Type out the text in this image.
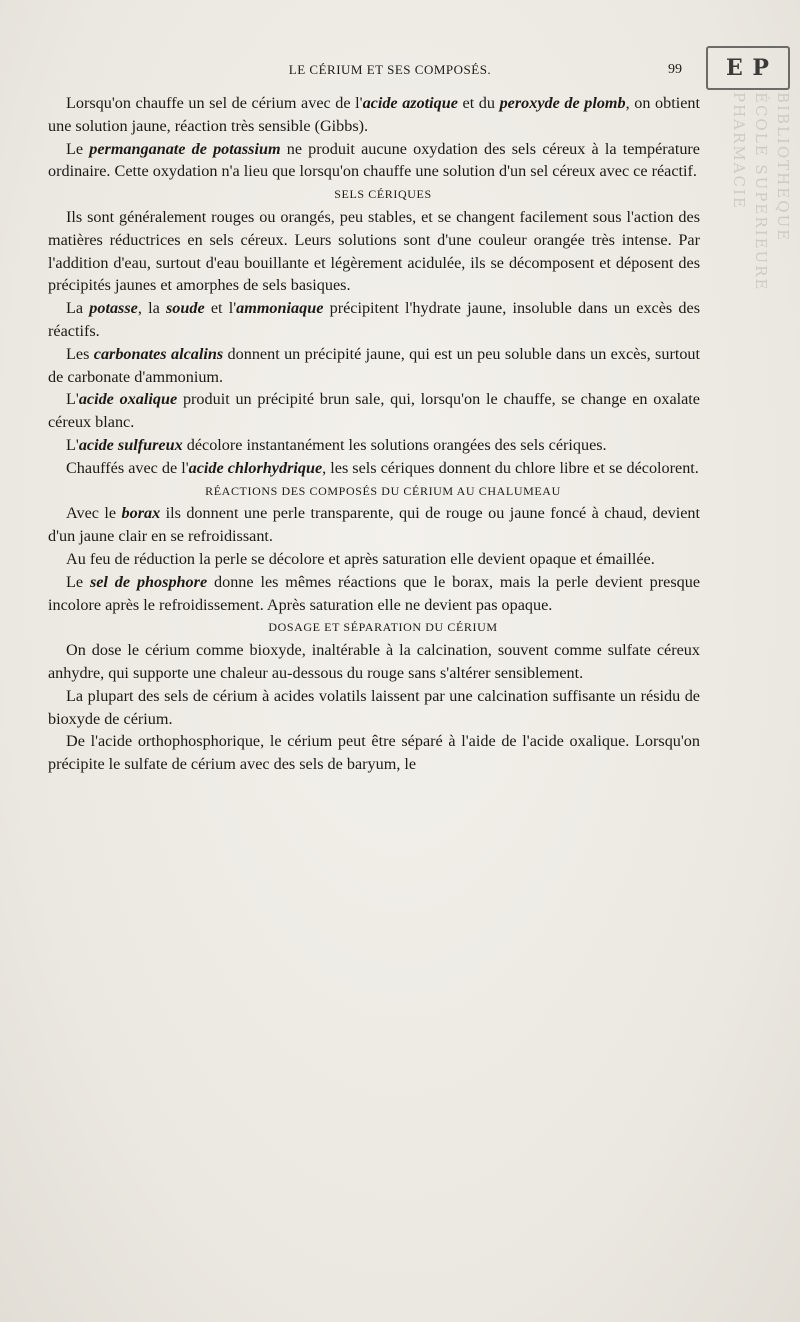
LE CÉRIUM ET SES COMPOSÉS.	99 E P
BIBLIOTHEQUE ÉCOLE SUPERIEURE PHARMACIE

Lorsqu'on chauffe un sel de cérium avec de l'acide azotique et du peroxyde de plomb, on obtient une solution jaune, réaction très sensible (Gibbs).

Le permanganate de potassium ne produit aucune oxydation des sels céreux à la température ordinaire. Cette oxydation n'a lieu que lorsqu'on chauffe une solution d'un sel céreux avec ce réactif.

SELS CÉRIQUES

Ils sont généralement rouges ou orangés, peu stables, et se changent facilement sous l'action des matières réductrices en sels céreux. Leurs solutions sont d'une couleur orangée très intense. Par l'addition d'eau, surtout d'eau bouillante et légèrement acidulée, ils se décomposent et déposent des précipités jaunes et amorphes de sels basiques.

La potasse, la soude et l'ammoniaque précipitent l'hydrate jaune, insoluble dans un excès des réactifs.

Les carbonates alcalins donnent un précipité jaune, qui est un peu soluble dans un excès, surtout de carbonate d'ammonium.

L'acide oxalique produit un précipité brun sale, qui, lorsqu'on le chauffe, se change en oxalate céreux blanc.

L'acide sulfureux décolore instantanément les solutions orangées des sels cériques.

Chauffés avec de l'acide chlorhydrique, les sels cériques donnent du chlore libre et se décolorent.

RÉACTIONS DES COMPOSÉS DU CÉRIUM AU CHALUMEAU

Avec le borax ils donnent une perle transparente, qui de rouge ou jaune foncé à chaud, devient d'un jaune clair en se refroidissant.

Au feu de réduction la perle se décolore et après saturation elle devient opaque et émaillée.

Le sel de phosphore donne les mêmes réactions que le borax, mais la perle devient presque incolore après le refroidissement. Après saturation elle ne devient pas opaque.

DOSAGE ET SÉPARATION DU CÉRIUM

On dose le cérium comme bioxyde, inaltérable à la calcination, souvent comme sulfate céreux anhydre, qui supporte une chaleur au-dessous du rouge sans s'altérer sensiblement.

La plupart des sels de cérium à acides volatils laissent par une calcination suffisante un résidu de bioxyde de cérium.

De l'acide orthophosphorique, le cérium peut être séparé à l'aide de l'acide oxalique. Lorsqu'on précipite le sulfate de cérium avec des sels de baryum, le
